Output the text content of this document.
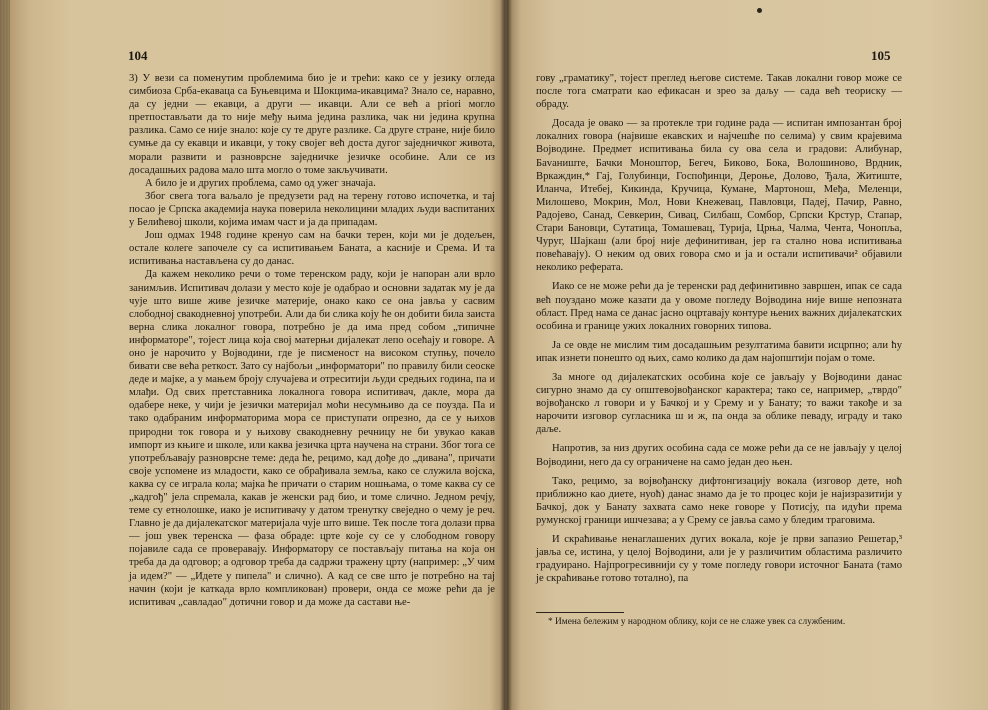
104

3) У вези са поменутим проблемима био је и трећи: како се у језику огледа симбиоза Срба-екаваца са Буњевцима и Шокцима-икавцима? Знало се, наравно, да су једни — екавци, а други — икавци. Али се већ а priori могло претпостављати да то није међу њима једина разлика, чак ни једина крупна разлика. Само се није знало: које су те друге разлике. Са друге стране, није било сумње да су екавци и икавци, у току својег већ доста дугог заједничког живота, морали развити и разноврсне заједничке језичке особине. Али се из досадашњих радова мало шта могло о томе закључивати.

А било је и других проблема, само од ужег значаја.

Због свега тога ваљало је предузети рад на терену готово испочетка, и тај посао је Српска академија наука поверила неколицини младих људи васпитаних у Белићевој школи, којима имам част и ја да припадам.

Још одмах 1948 године кренуо сам на бачки терен, који ми је додељен, остале колеге започеле су са испитивањем Баната, а касније и Срема. И та испитивања настављена су до данас.

Да кажем неколико речи о томе теренском раду, који је напоран али врло занимљив. Испитивач долази у место које је одабрао и основни задатак му је да чује што више живе језичке материје, онако како се она јавља у сасвим слободној свакодневној употреби. Али да би слика коју ће он добити била заиста верна слика локалног говора, потребно је да има пред собом „типичне информаторе", тојест лица која свој матерњи дијалекат лепо осећају и говоре. А оно је нарочито у Војводини, где је писменост на високом ступњу, почело бивати све већа реткост. Зато су најбољи „информатори" по правилу били сеоске деде и мајке, а у мањем броју случајева и отреситији људи средњих година, па и млађи. Од свих претставника локалнога говора испитивач, дакле, мора да одабере неке, у чији је језички материјал моћи несумњиво да се поузда. Па и тако одабраним информаторима мора се приступати опрезно, да се у њихов природни ток говора и у њихову свакодневну речницу не би увукао какав импорт из књиге и школе, или каква језичка црта научена на страни. Због тога се употребљавају разноврсне теме: деда ће, рецимо, кад дође до „дивана", причати своје успомене из младости, како се обрађивала земља, како се служила војска, каква су се играла кола; мајка ће причати о старим ношњама, о томе каква су се „кадгођ" јела спремала, какав је женски рад био, и томе слично. Једном речју, теме су етнолошке, иако је испитивачу у датом тренутку свеједно о чему је реч. Главно је да дијалекатског материјала чује што више. Тек после тога долази прва — још увек теренска — фаза обраде: црте које су се у слободном говору појавиле сада се проверавају. Информатору се постављају питања на која он треба да да одговор; а одговор треба да садржи тражену црту (например: „У чим ја идем?" — „Идете у пипела" и слично). А кад се све што је потребно на тај начин (који је каткада врло компликован) провери, онда се може рећи да је испитивач „савладао" дотични говор и да може да састави ње-

105

гову „граматику", тојест преглед његове системе. Такав локални говор може се после тога сматрати као ефикасан и зрео за даљу — сада већ теориску — обраду.

Досада је овако — за протекле три године рада — испитан импозантан број локалних говора (највише екавских и најчешће по селима) у свим крајевима Војводине. Предмет испитивања била су ова села и градови: Алибунар, Бavaниште, Бачки Моноштор, Бегеч, Бикoво, Бока, Волошиново, Врдник, Вркаждин,* Гај, Голубинци, Госпођинци, Дероње, Долово, Ђала, Житиште, Иланча, Итебеј, Кикинда, Кручица, Кумане, Мартонош, Међа, Меленци, Милошево, Мокрин, Мол, Нови Кнежевац, Павловци, Падеј, Пачир, Равно, Радојево, Санад, Севкерин, Сивац, Силбаш, Сомбор, Српски Крстур, Стапар, Стари Бановци, Сутатица, Томашевац, Турија, Црња, Чалма, Чента, Чонопља, Чуруг, Шајкаш (али број није дефинитиван, јер га стално нова испитивања повећавају). О неким од ових говора смо и ја и остали испитивачи² објавили неколико реферата.

Иако се не може рећи да је теренски рад дефинитивно завршен, ипак се сада већ поуздано може казати да у овоме погледу Војводина није више непозната област. Пред нама се данас јасно оцртавају контуре њених важних дијалекатских особина и границе ужих локалних говорних типова.

Ја се овде не мислим тим досадашњим резултатима бавити исцрпно; али ћу ипак изнети понешто од њих, само колико да дам најопштији појам о томе.

За многе од дијалекатских особина које се јављају у Војводини данас сигурно знамо да су општевојвођанског карактера; тако се, например, „тврдо" војвођанско л говори и у Бачкој и у Срему и у Банату; то важи такође и за нарочити изговор сугласника ш и ж, па онда за облике певаду, играду и тако даље.

Напротив, за низ других особина сада се може рећи да се не јављају у целој Војводини, него да су ограничене на само један део њен.

Тако, рецимо, за војвођанску дифтонгизацију вокала (изговор дете, ноћ приближно као диете, нуоћ) данас знамо да је то процес који је најизразитији у Бачкој, док у Банату захвата само неке говоре у Потисју, па идући према румунској граници ишчезава; а у Срему се јавља само у бледим траговима.

И скраћивање ненаглашених дугих вокала, које је први запазио Решетар,³ јавља се, истина, у целој Војводини, али је у различитим областима различито градуирано. Најпрогресивнији су у томе погледу говори источног Баната (тамо је скраћивање готово тотално), па

* Имена бележим у народном облику, који се не слаже увек са службеним.
